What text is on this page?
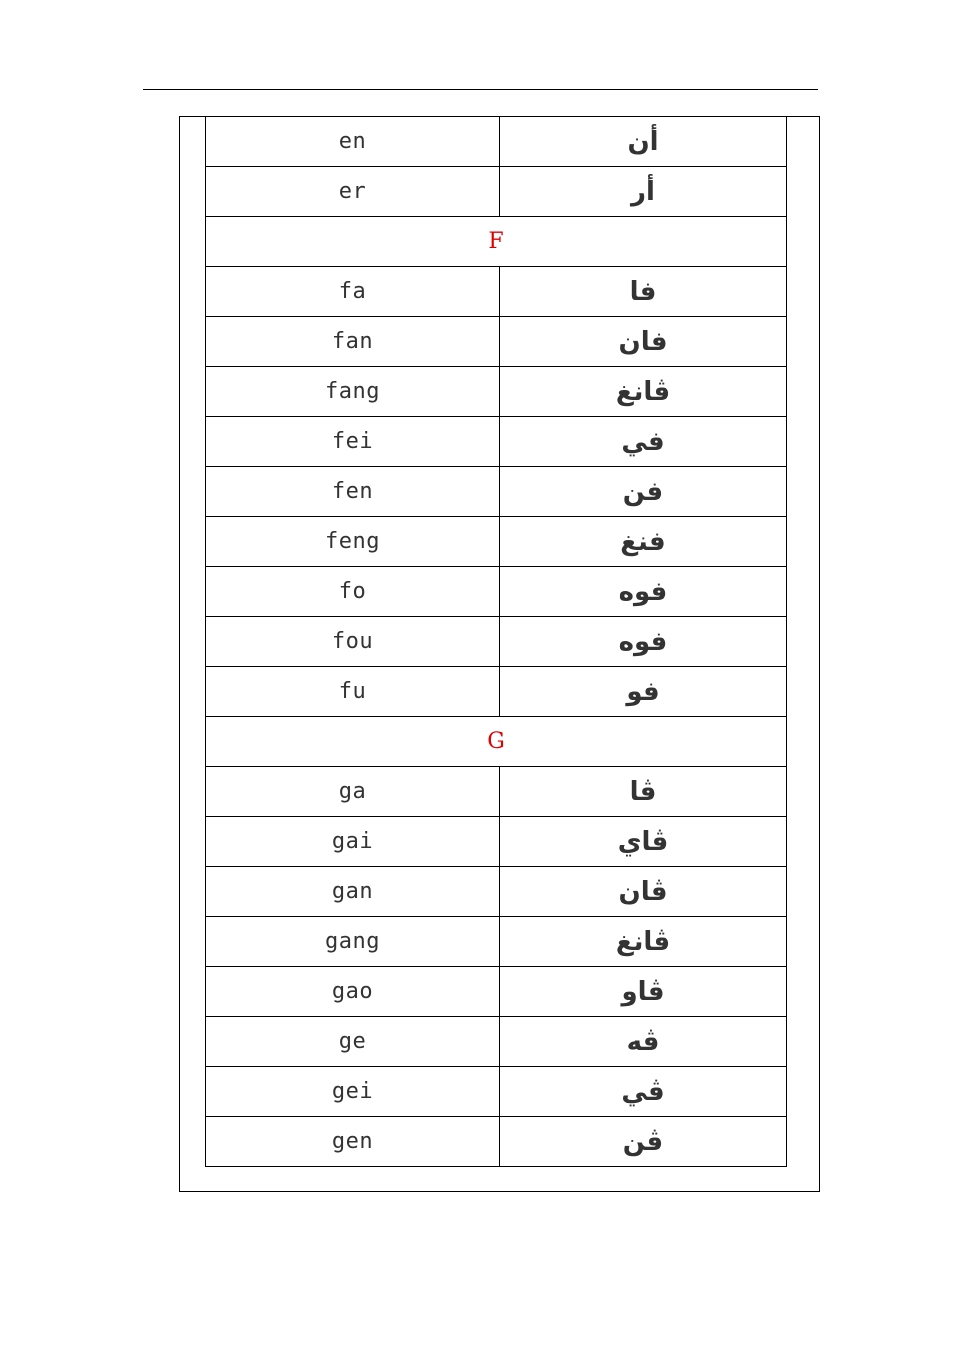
en	أن
er	أر
F	
fa	فا
fan	فان
fang	ڤانغ
fei	في
fen	فن
feng	فنغ
fo	فوه
fou	فوه
fu	فو
G	
ga	ڨا
gai	ڨاي
gan	ڨان
gang	ڨانغ
gao	ڨاو
ge	ڨه
gei	ڨي
gen	ڨن
